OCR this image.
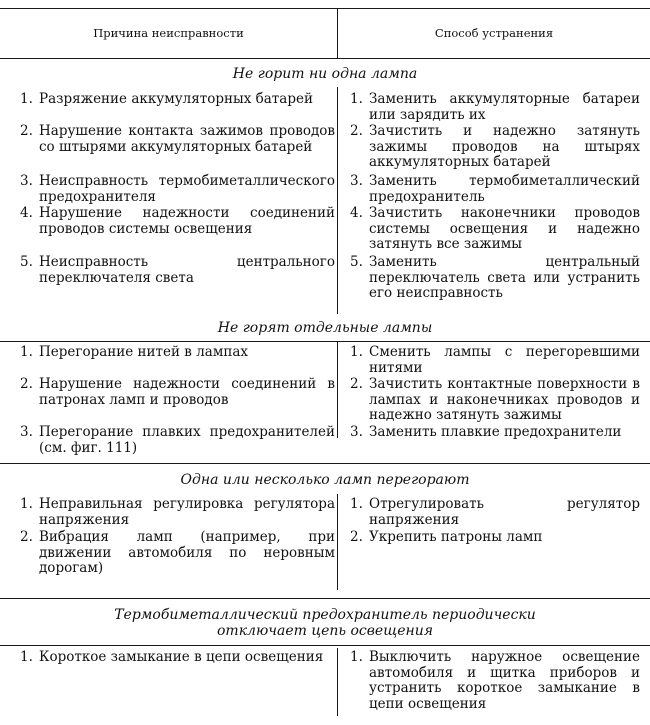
Причина неисправности	Способ устранения
Не горит ни одна лампа
1. Разряжение аккумуляторных батарей
2. Нарушение контакта зажимов проводов со штырями аккумуляторных батарей
3. Неисправность термобиметаллического предохранителя
4. Нарушение надежности соединений проводов системы освещения
5. Неисправность центрального переключателя света
1. Заменить аккумуляторные батареи или зарядить их
2. Зачистить и надежно затянуть зажимы проводов на штырях аккумуляторных батарей
3. Заменить термобиметаллический предохранитель
4. Зачистить наконечники проводов системы освещения и надежно затянуть все зажимы
5. Заменить центральный переключатель света или устранить его неисправность
Не горят отдельные лампы
1. Перегорание нитей в лампах
2. Нарушение надежности соединений в патронах ламп и проводов
3. Перегорание плавких предохранителей (см. фиг. 111)
1. Сменить лампы с перегоревшими нитями
2. Зачистить контактные поверхности в лампах и наконечниках проводов и надежно затянуть зажимы
3. Заменить плавкие предохранители
Одна или несколько ламп перегорают
1. Неправильная регулировка регулятора напряжения
2. Вибрация ламп (например, при движении автомобиля по неровным дорогам)
1. Отрегулировать регулятор напряжения
2. Укрепить патроны ламп
Термобиметаллический предохранитель периодически
отключает цепь освещения
1. Короткое замыкание в цепи освещения	1. Выключить наружное освещение автомобиля и щитка приборов и устранить короткое замыкание в цепи освещения
